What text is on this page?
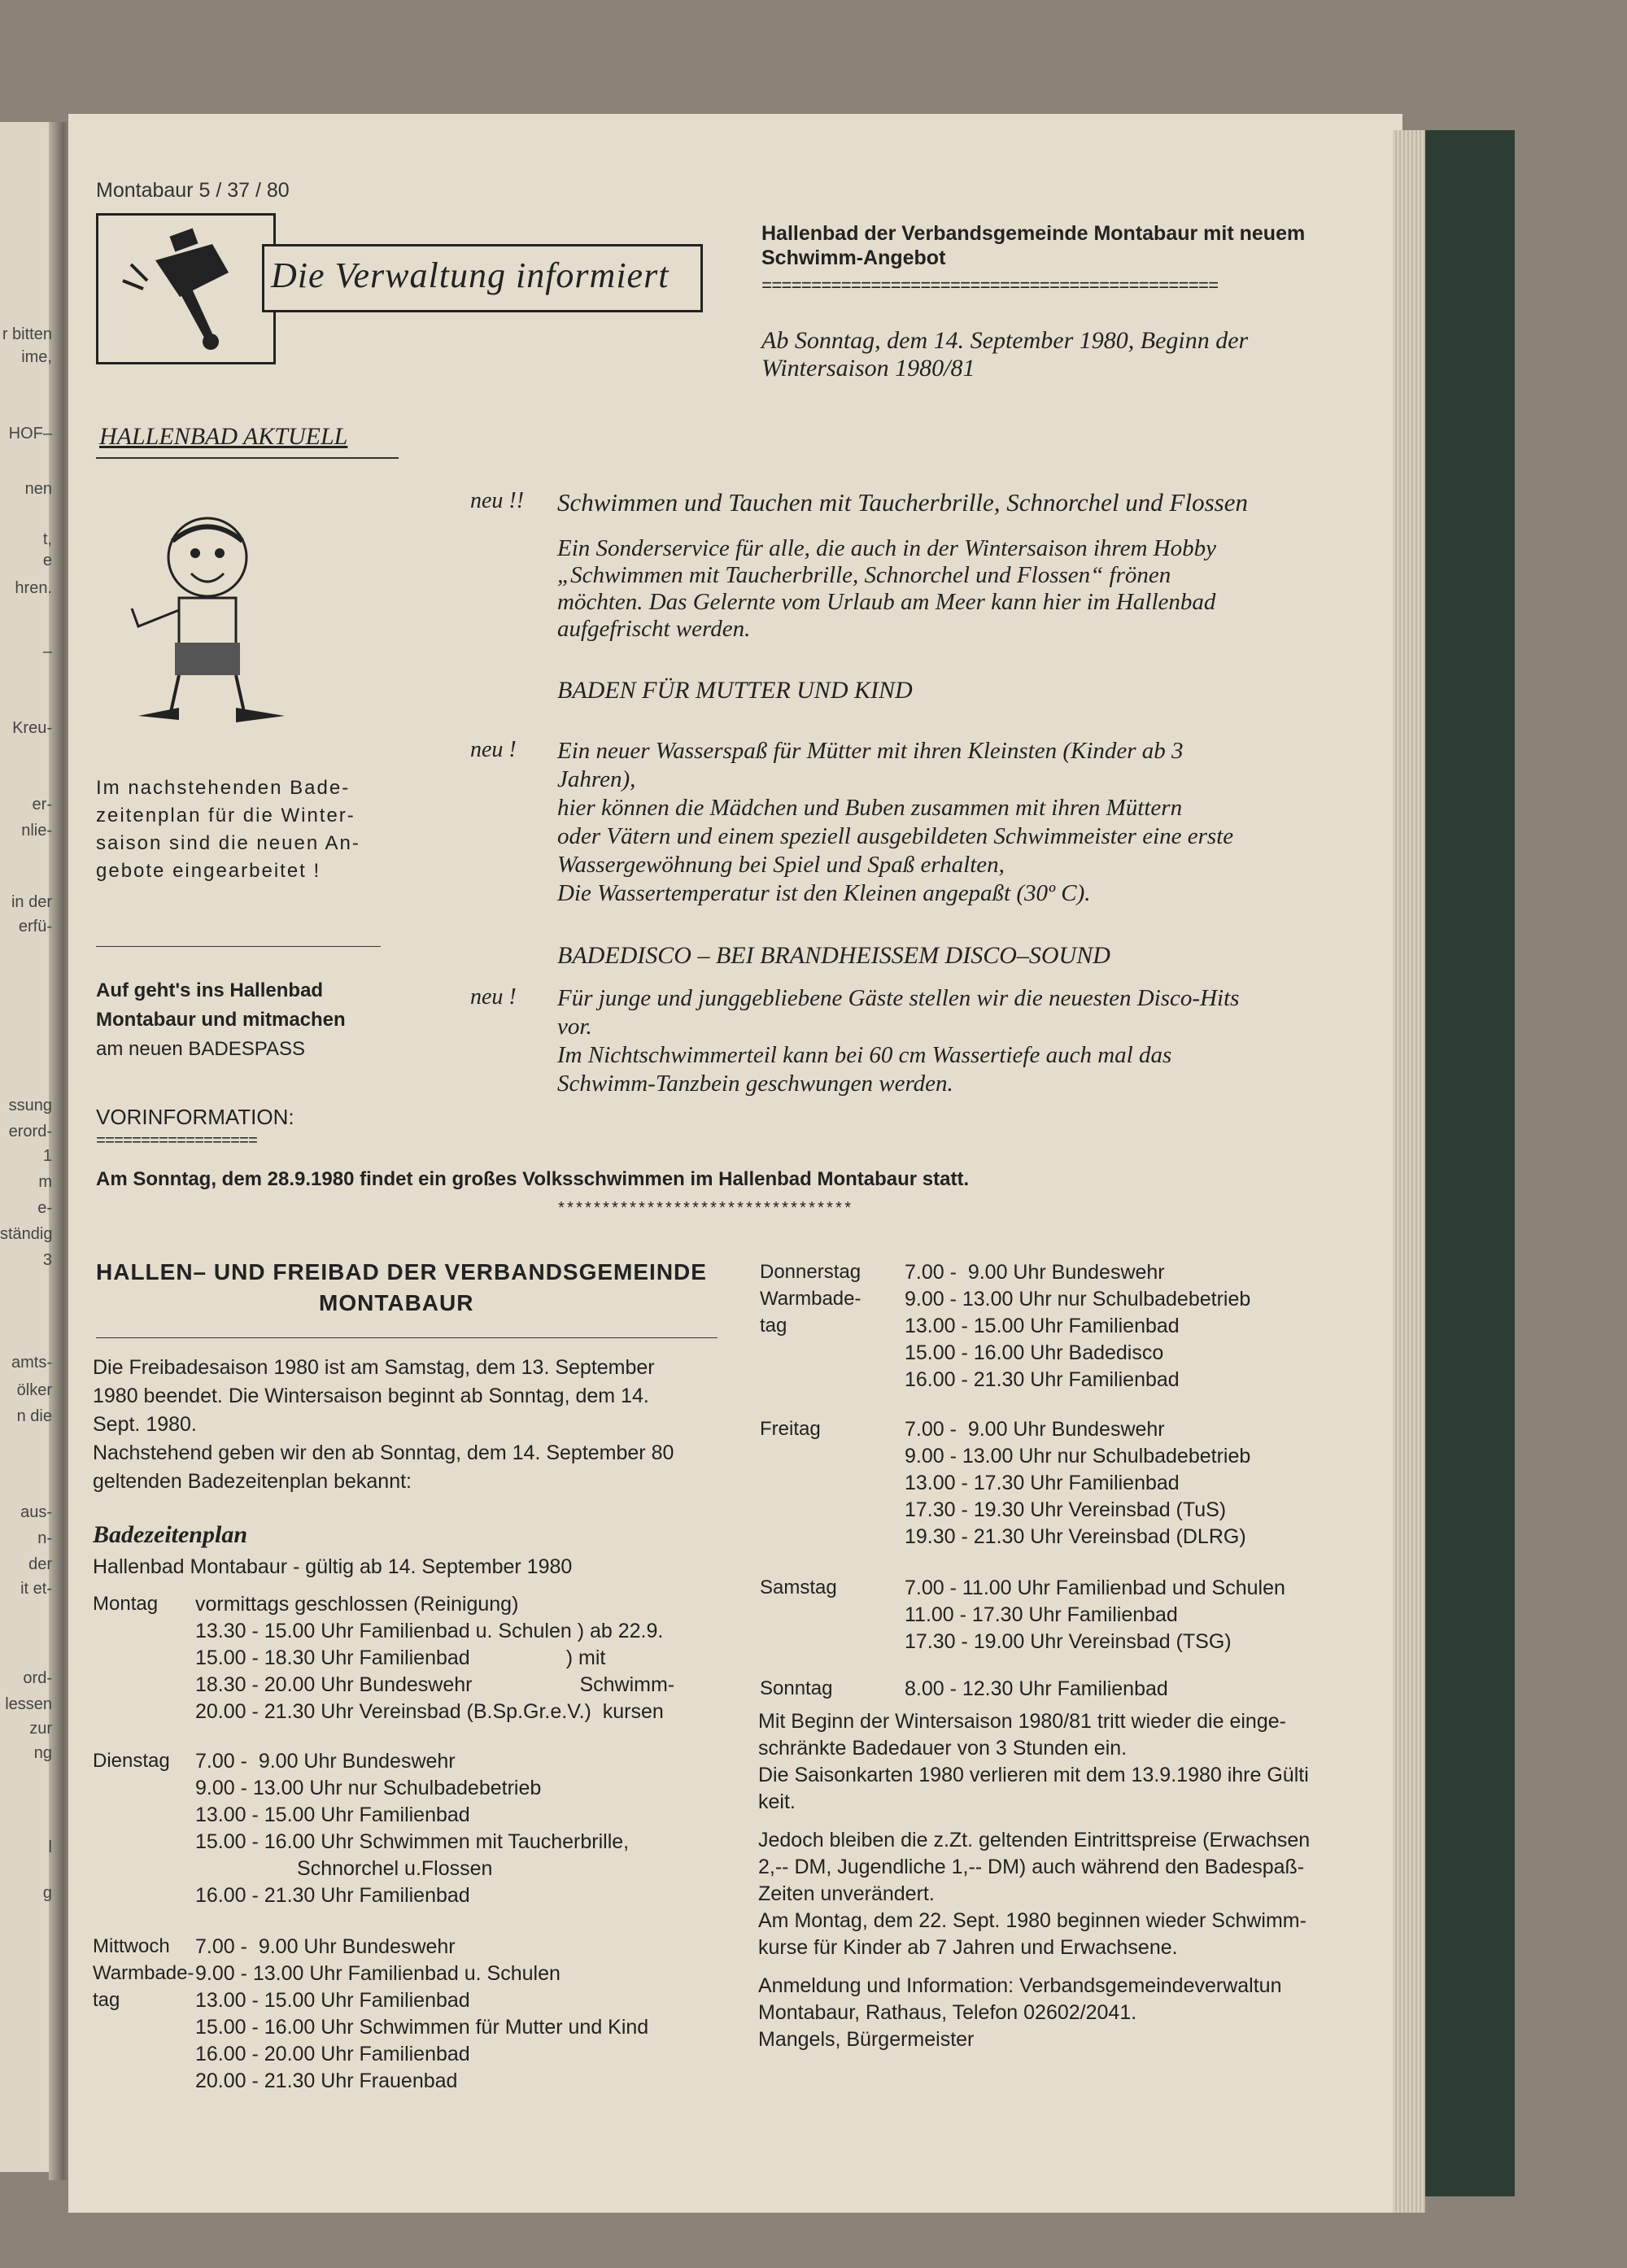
r bitten
ime,
HOF–
nen
t,
e
hren.
–
Kreu-
er-
nlie-
in der
erfü-
ssung
erord-
1
m
e-
ständig
3
amts-
ölker
n die
aus-
n-
der
it et-
ord-
lessen
zur
ng
l
g
Montabaur 5 / 37 / 80
Die Verwaltung informiert
Hallenbad der Verbandsgemeinde Montabaur mit neuem Schwimm-Angebot
==============================================
Ab Sonntag, dem 14. September 1980, Beginn der
Wintersaison 1980/81
HALLENBAD AKTUELL
Im nachstehenden Bade-
zeitenplan für die Winter-
saison sind die neuen An-
gebote eingearbeitet !
Auf geht's ins Hallenbad
Montabaur und mitmachen
am neuen BADESPASS
VORINFORMATION:
==================
Am Sonntag, dem 28.9.1980 findet ein großes Volksschwimmen im Hallenbad Montabaur statt.
*********************************
neu !! Schwimmen und Tauchen mit Taucherbrille, Schnorchel und Flossen
Ein Sonderservice für alle, die auch in der Wintersaison ihrem Hobby
„Schwimmen mit Taucherbrille, Schnorchel und Flossen“ frönen
möchten. Das Gelernte vom Urlaub am Meer kann hier im Hallenbad
aufgefrischt werden.
BADEN FÜR MUTTER UND KIND
neu ! Ein neuer Wasserspaß für Mütter mit ihren Kleinsten (Kinder ab 3
Jahren),
hier können die Mädchen und Buben zusammen mit ihren Müttern
oder Vätern und einem speziell ausgebildeten Schwimmeister eine erste
Wassergewöhnung bei Spiel und Spaß erhalten,
Die Wassertemperatur ist den Kleinen angepaßt (30º C).
BADEDISCO – BEI BRANDHEISSEM DISCO–SOUND
neu ! Für junge und junggebliebene Gäste stellen wir die neuesten Disco-Hits
vor.
Im Nichtschwimmerteil kann bei 60 cm Wassertiefe auch mal das
Schwimm-Tanzbein geschwungen werden.
HALLEN– UND FREIBAD DER VERBANDSGEMEINDE
MONTABAUR
Die Freibadesaison 1980 ist am Samstag, dem 13. September
1980 beendet. Die Wintersaison beginnt ab Sonntag, dem 14.
Sept. 1980.
Nachstehend geben wir den ab Sonntag, dem 14. September 80
geltenden Badezeitenplan bekannt:
Badezeitenplan
Hallenbad Montabaur - gültig ab 14. September 1980
Montag vormittags geschlossen (Reinigung)
13.30 - 15.00 Uhr Familienbad u. Schulen ) ab 22.9.
15.00 - 18.30 Uhr Familienbad                 ) mit
18.30 - 20.00 Uhr Bundeswehr                   Schwimm-
20.00 - 21.30 Uhr Vereinsbad (B.Sp.Gr.e.V.)  kursen
Dienstag 7.00 -  9.00 Uhr Bundeswehr
9.00 - 13.00 Uhr nur Schulbadebetrieb
13.00 - 15.00 Uhr Familienbad
15.00 - 16.00 Uhr Schwimmen mit Taucherbrille,
Schnorchel u.Flossen
16.00 - 21.30 Uhr Familienbad
Mittwoch
Warmbade-
tag
7.00 -  9.00 Uhr Bundeswehr
9.00 - 13.00 Uhr Familienbad u. Schulen
13.00 - 15.00 Uhr Familienbad
15.00 - 16.00 Uhr Schwimmen für Mutter und Kind
16.00 - 20.00 Uhr Familienbad
20.00 - 21.30 Uhr Frauenbad
Donnerstag
Warmbade-
tag
7.00 -  9.00 Uhr Bundeswehr
9.00 - 13.00 Uhr nur Schulbadebetrieb
13.00 - 15.00 Uhr Familienbad
15.00 - 16.00 Uhr Badedisco
16.00 - 21.30 Uhr Familienbad
Freitag	7.00 -  9.00 Uhr Bundeswehr
9.00 - 13.00 Uhr nur Schulbadebetrieb
13.00 - 17.30 Uhr Familienbad
17.30 - 19.30 Uhr Vereinsbad (TuS)
19.30 - 21.30 Uhr Vereinsbad (DLRG)
Samstag	7.00 - 11.00 Uhr Familienbad und Schulen
11.00 - 17.30 Uhr Familienbad
17.30 - 19.00 Uhr Vereinsbad (TSG)
Sonntag	8.00 - 12.30 Uhr Familienbad
Mit Beginn der Wintersaison 1980/81 tritt wieder die einge-
schränkte Badedauer von 3 Stunden ein.
Die Saisonkarten 1980 verlieren mit dem 13.9.1980 ihre Gülti
keit.
Jedoch bleiben die z.Zt. geltenden Eintrittspreise (Erwachsen
2,-- DM, Jugendliche 1,-- DM) auch während den Badespaß-
Zeiten unverändert.
Am Montag, dem 22. Sept. 1980 beginnen wieder Schwimm-
kurse für Kinder ab 7 Jahren und Erwachsene.
Anmeldung und Information: Verbandsgemeindeverwaltun
Montabaur, Rathaus, Telefon 02602/2041.
Mangels, Bürgermeister
